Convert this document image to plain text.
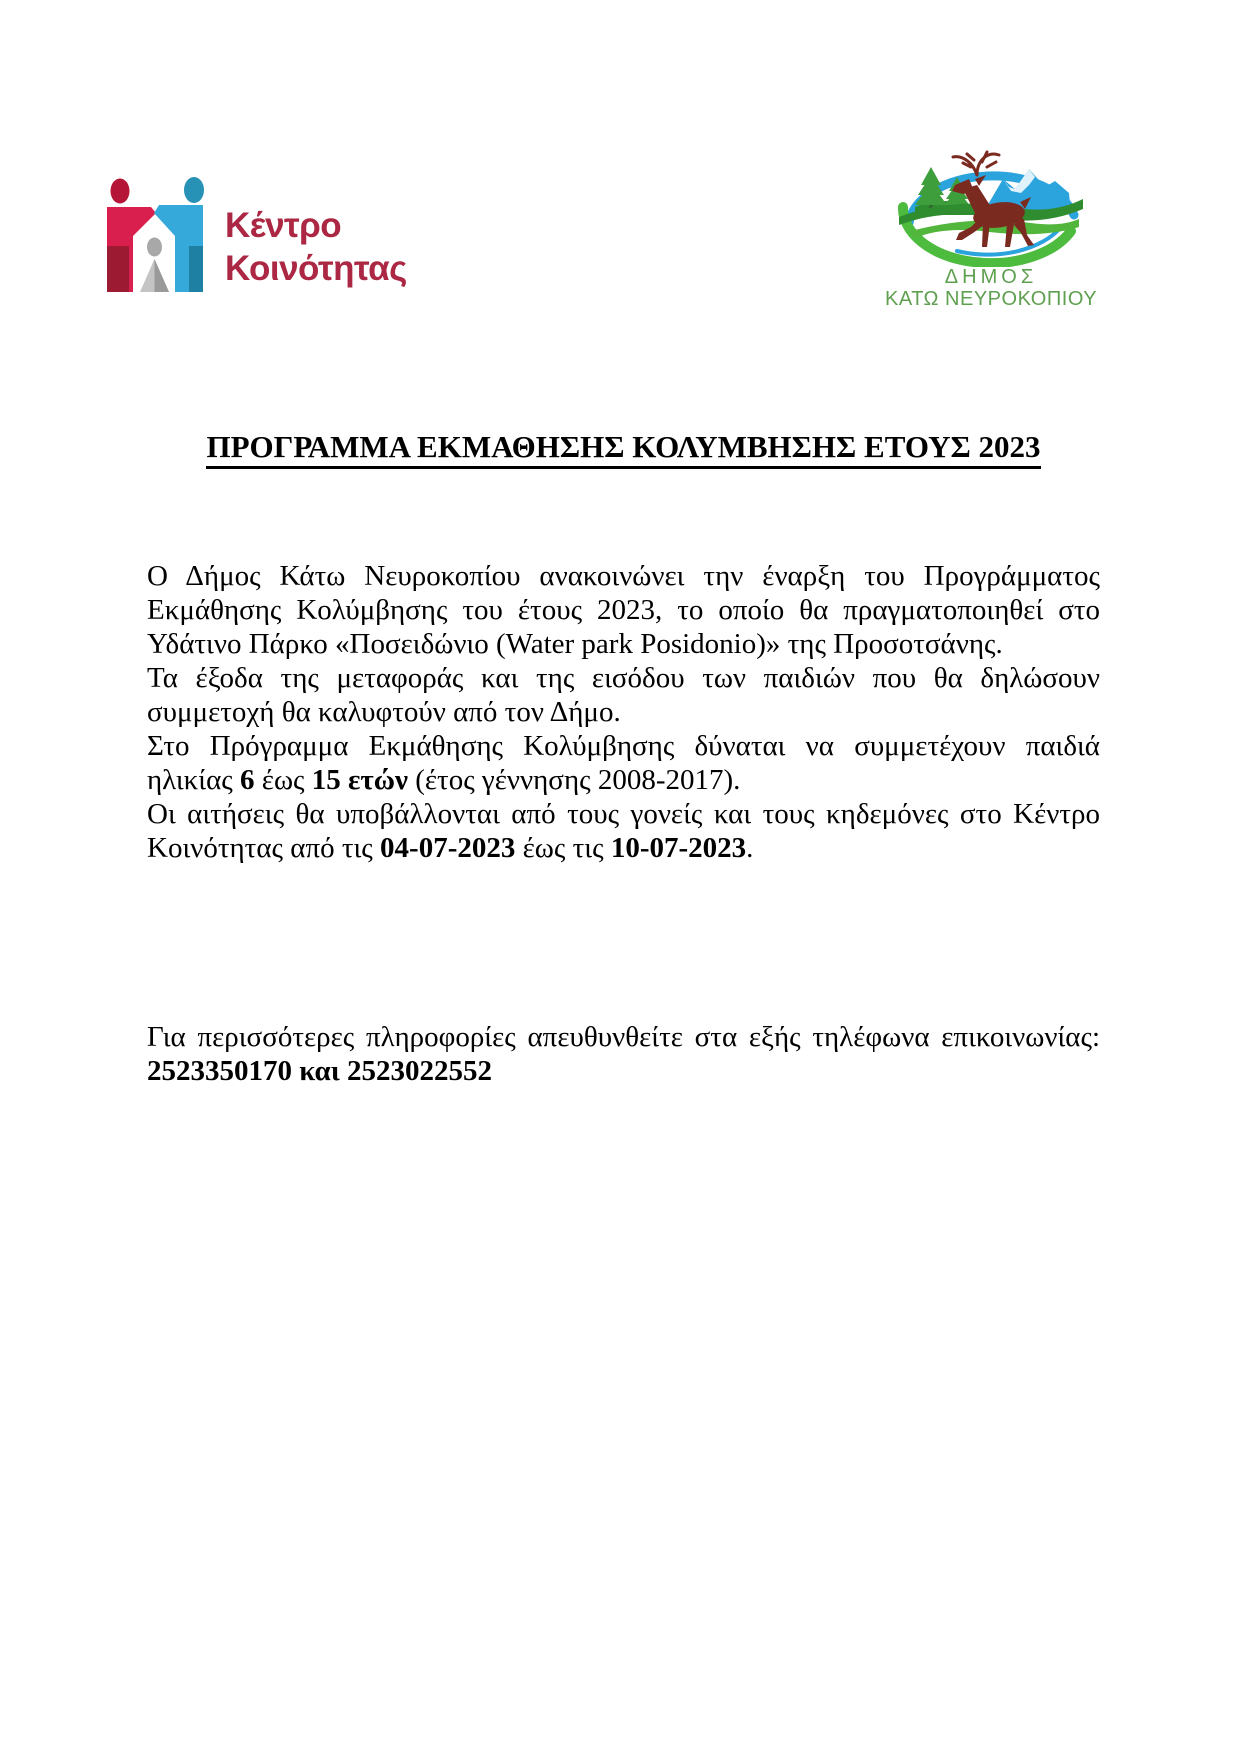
Κέντρο
Κοινότητας	ΔΗΜΟΣ
ΚΑΤΩ ΝΕΥΡΟΚΟΠΙΟΥ
ΠΡΟΓΡΑΜΜΑ ΕΚΜΑΘΗΣΗΣ ΚΟΛΥΜΒΗΣΗΣ ΕΤΟΥΣ 2023

Ο Δήμος Κάτω Νευροκοπίου ανακοινώνει την έναρξη του Προγράμματος Εκμάθησης Κολύμβησης του έτους 2023, το οποίο θα πραγματοποιηθεί στο Υδάτινο Πάρκο «Ποσειδώνιο (Water park Posidonio)» της Προσοτσάνης.

Τα έξοδα της μεταφοράς και της εισόδου των παιδιών που θα δηλώσουν συμμετοχή θα καλυφτούν από τον Δήμο.

Στο Πρόγραμμα Εκμάθησης Κολύμβησης δύναται να συμμετέχουν παιδιά ηλικίας 6 έως 15 ετών (έτος γέννησης 2008-2017).

Οι αιτήσεις θα υποβάλλονται από τους γονείς και τους κηδεμόνες στο Κέντρο Κοινότητας από τις 04-07-2023 έως τις 10-07-2023.

Για περισσότερες πληροφορίες απευθυνθείτε στα εξής τηλέφωνα επικοινωνίας: 2523350170 και 2523022552
